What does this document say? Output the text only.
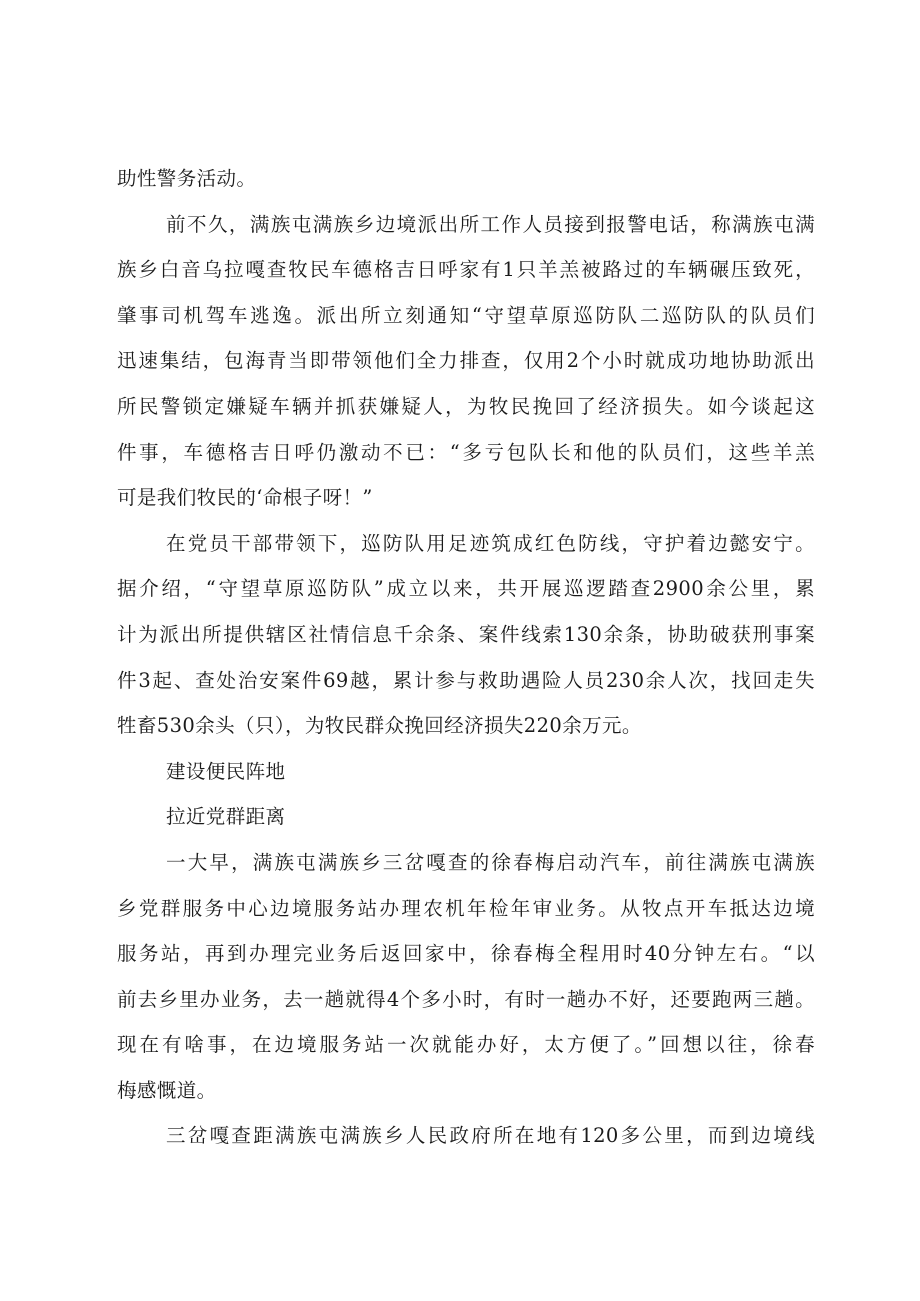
助性警务活动。
前不久，满族屯满族乡边境派出所工作人员接到报警电话，称满族屯满
族乡白音乌拉嘎查牧民车德格吉日呼家有1只羊羔被路过的车辆碾压致死，
肇事司机驾车逃逸。派出所立刻通知“守望草原巡防队二巡防队的队员们
迅速集结，包海青当即带领他们全力排查，仅用2个小时就成功地协助派出
所民警锁定嫌疑车辆并抓获嫌疑人，为牧民挽回了经济损失。如今谈起这
件事，车德格吉日呼仍激动不已：“多亏包队长和他的队员们，这些羊羔
可是我们牧民的‘命根子呀！”
在党员干部带领下，巡防队用足迹筑成红色防线，守护着边懿安宁。
据介绍，“守望草原巡防队”成立以来，共开展巡逻踏查2900余公里，累
计为派出所提供辖区社情信息千余条、案件线索130余条，协助破获刑事案
件3起、查处治安案件69越，累计参与救助遇险人员230余人次，找回走失
牲畜530余头（只），为牧民群众挽回经济损失220余万元。
建设便民阵地
拉近党群距离
一大早，满族屯满族乡三岔嘎查的徐春梅启动汽车，前往满族屯满族
乡党群服务中心边境服务站办理农机年检年审业务。从牧点开车抵达边境
服务站，再到办理完业务后返回家中，徐春梅全程用时40分钟左右。“以
前去乡里办业务，去一趟就得4个多小时，有时一趟办不好，还要跑两三趟。
现在有啥事，在边境服务站一次就能办好，太方便了。”回想以往，徐春
梅感慨道。
三岔嘎查距满族屯满族乡人民政府所在地有120多公里，而到边境线
